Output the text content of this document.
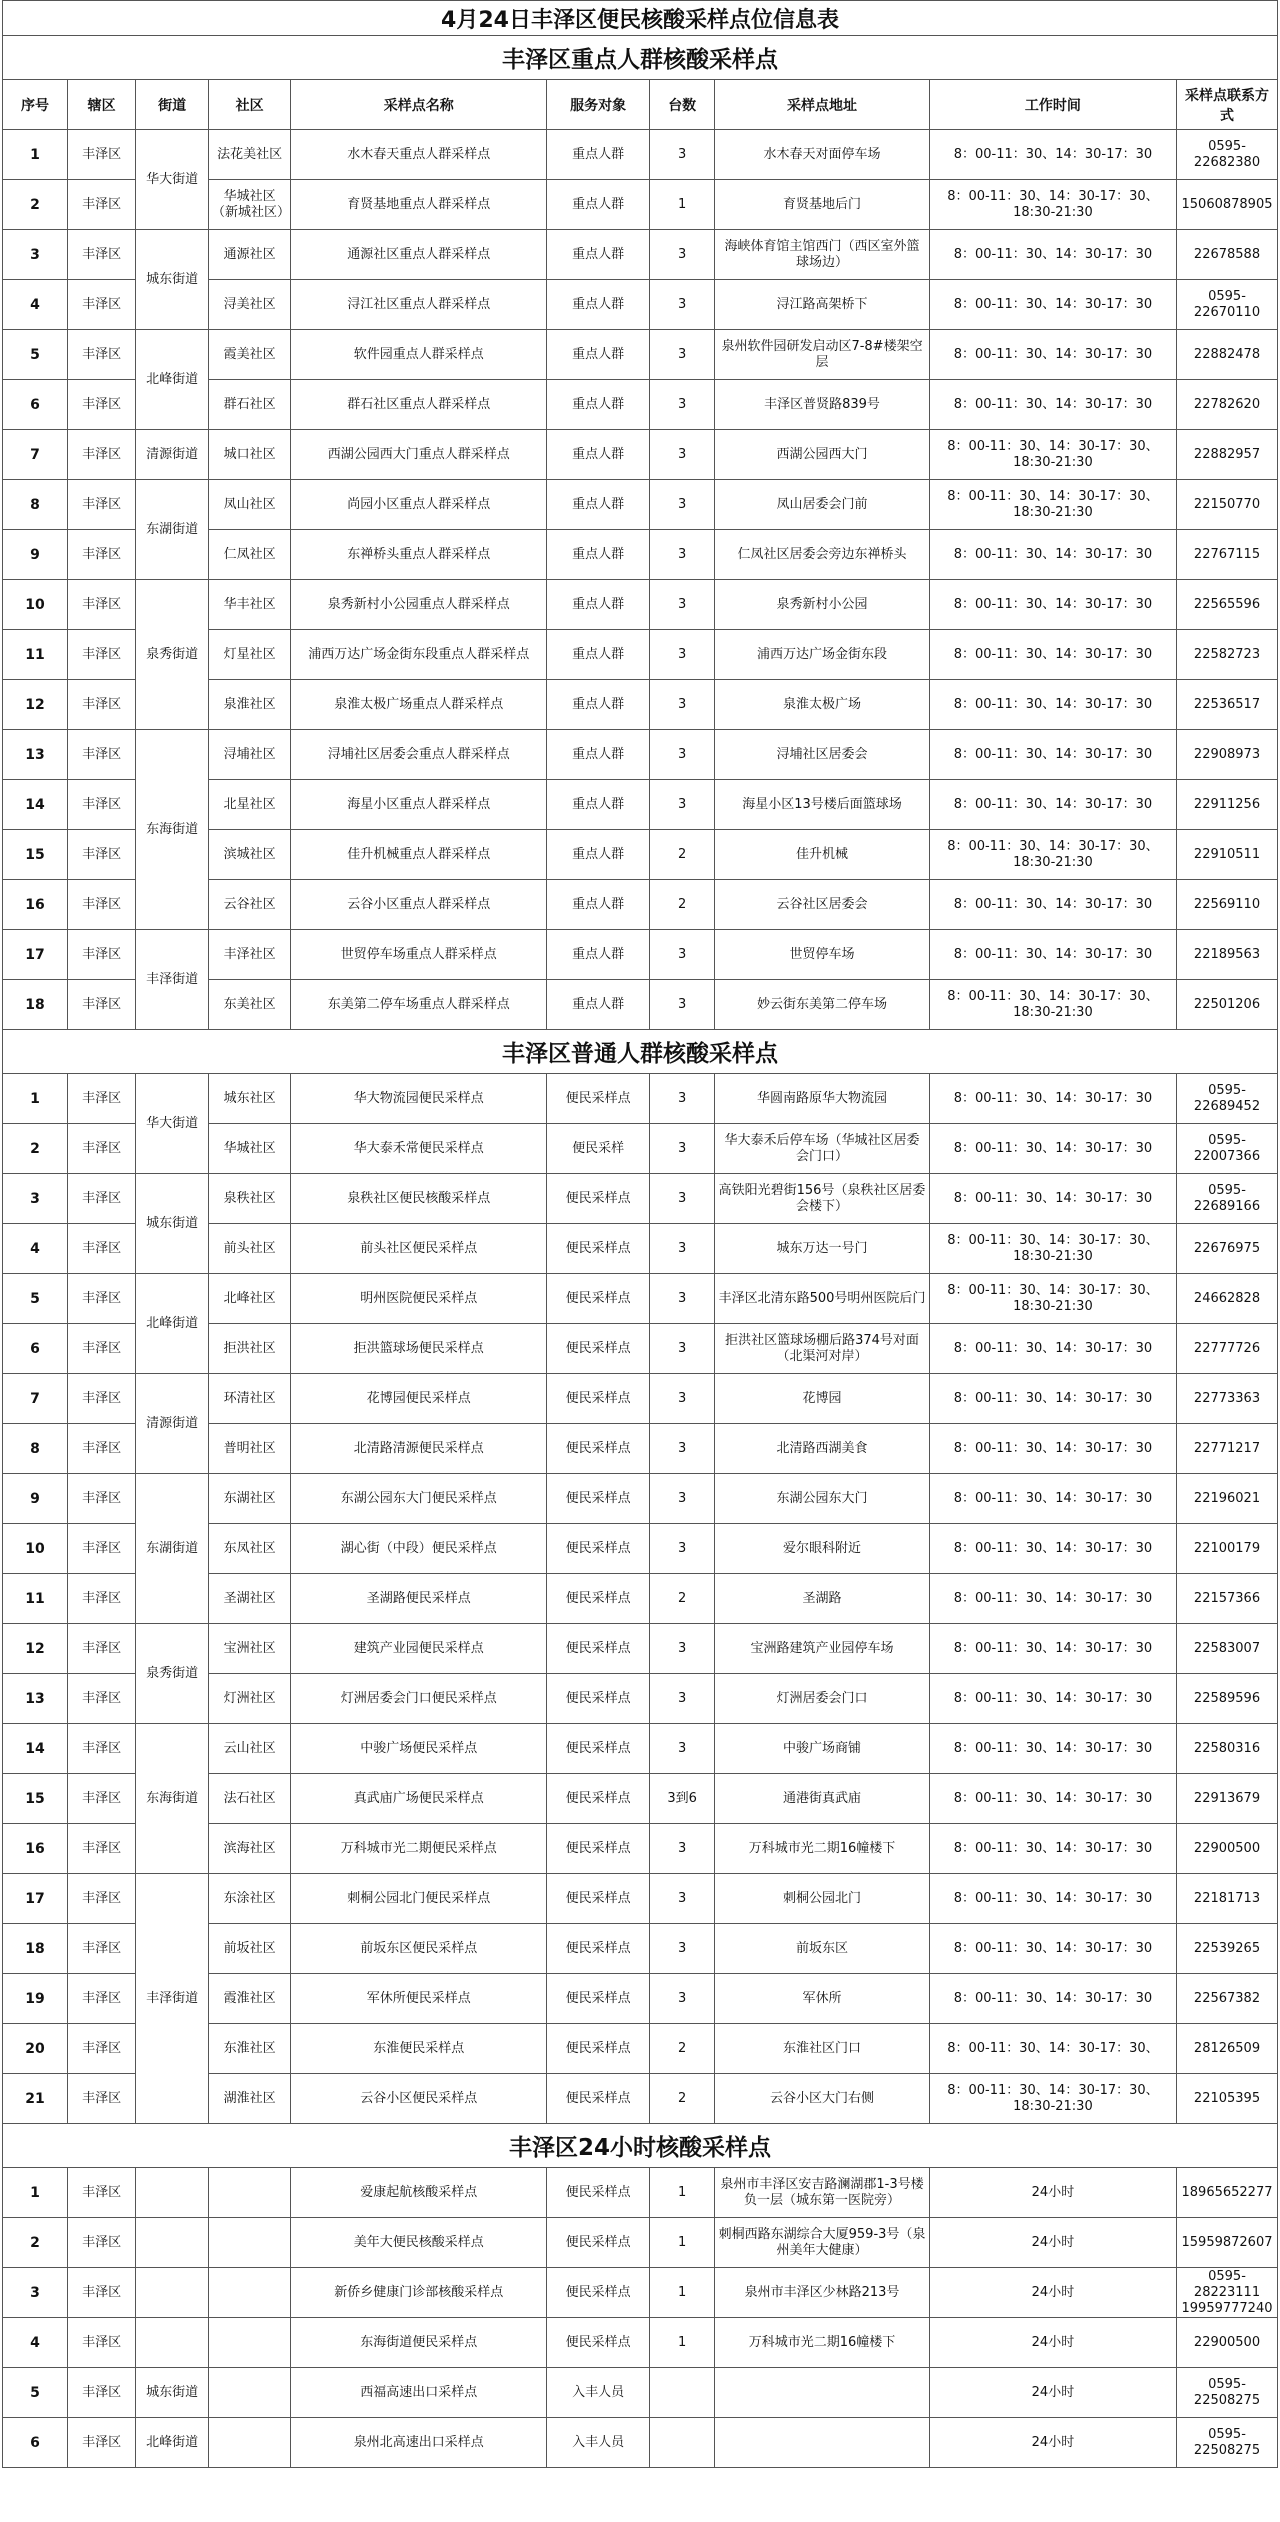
4月24日丰泽区便民核酸采样点位信息表									
丰泽区重点人群核酸采样点									
序号	辖区	街道	社区	采样点名称	服务对象	台数	采样点地址	工作时间	采样点联系方式
1	丰泽区	华大街道	法花美社区	水木春天重点人群采样点	重点人群	3	水木春天对面停车场	8：00-11：30、14：30-17：30	0595-22682380
2	丰泽区		华城社区（新城社区）	育贤基地重点人群采样点	重点人群	1	育贤基地后门	8：00-11：30、14：30-17：30、18:30-21:30	15060878905
3	丰泽区	城东街道	通源社区	通源社区重点人群采样点	重点人群	3	海峡体育馆主馆西门（西区室外篮球场边）	8：00-11：30、14：30-17：30	22678588
4	丰泽区		浔美社区	浔江社区重点人群采样点	重点人群	3	浔江路高架桥下	8：00-11：30、14：30-17：30	0595-22670110
5	丰泽区	北峰街道	霞美社区	软件园重点人群采样点	重点人群	3	泉州软件园研发启动区7-8#楼架空层	8：00-11：30、14：30-17：30	22882478
6	丰泽区		群石社区	群石社区重点人群采样点	重点人群	3	丰泽区普贤路839号	8：00-11：30、14：30-17：30	22782620
7	丰泽区	清源街道	城口社区	西湖公园西大门重点人群采样点	重点人群	3	西湖公园西大门	8：00-11：30、14：30-17：30、18:30-21:30	22882957
8	丰泽区	东湖街道	凤山社区	尚园小区重点人群采样点	重点人群	3	凤山居委会门前	8：00-11：30、14：30-17：30、18:30-21:30	22150770
9	丰泽区		仁凤社区	东禅桥头重点人群采样点	重点人群	3	仁凤社区居委会旁边东禅桥头	8：00-11：30、14：30-17：30	22767115
10	丰泽区	泉秀街道	华丰社区	泉秀新村小公园重点人群采样点	重点人群	3	泉秀新村小公园	8：00-11：30、14：30-17：30	22565596
11	丰泽区		灯星社区	浦西万达广场金街东段重点人群采样点	重点人群	3	浦西万达广场金街东段	8：00-11：30、14：30-17：30	22582723
12	丰泽区		泉淮社区	泉淮太极广场重点人群采样点	重点人群	3	泉淮太极广场	8：00-11：30、14：30-17：30	22536517
13	丰泽区	东海街道	浔埔社区	浔埔社区居委会重点人群采样点	重点人群	3	浔埔社区居委会	8：00-11：30、14：30-17：30	22908973
14	丰泽区		北星社区	海星小区重点人群采样点	重点人群	3	海星小区13号楼后面篮球场	8：00-11：30、14：30-17：30	22911256
15	丰泽区		滨城社区	佳升机械重点人群采样点	重点人群	2	佳升机械	8：00-11：30、14：30-17：30、18:30-21:30	22910511
16	丰泽区		云谷社区	云谷小区重点人群采样点	重点人群	2	云谷社区居委会	8：00-11：30、14：30-17：30	22569110
17	丰泽区	丰泽街道	丰泽社区	世贸停车场重点人群采样点	重点人群	3	世贸停车场	8：00-11：30、14：30-17：30	22189563
18	丰泽区		东美社区	东美第二停车场重点人群采样点	重点人群	3	妙云街东美第二停车场	8：00-11：30、14：30-17：30、18:30-21:30	22501206
丰泽区普通人群核酸采样点									
1	丰泽区	华大街道	城东社区	华大物流园便民采样点	便民采样点	3	华圆南路原华大物流园	8：00-11：30、14：30-17：30	0595-22689452
2	丰泽区		华城社区	华大泰禾常便民采样点	便民采样	3	华大泰禾后停车场（华城社区居委会门口）	8：00-11：30、14：30-17：30	0595-22007366
3	丰泽区	城东街道	泉秩社区	泉秩社区便民核酸采样点	便民采样点	3	高铁阳光碧街156号（泉秩社区居委会楼下）	8：00-11：30、14：30-17：30	0595-22689166
4	丰泽区		前头社区	前头社区便民采样点	便民采样点	3	城东万达一号门	8：00-11：30、14：30-17：30、18:30-21:30	22676975
5	丰泽区	北峰街道	北峰社区	明州医院便民采样点	便民采样点	3	丰泽区北清东路500号明州医院后门	8：00-11：30、14：30-17：30、18:30-21:30	24662828
6	丰泽区		拒洪社区	拒洪篮球场便民采样点	便民采样点	3	拒洪社区篮球场棚后路374号对面（北渠河对岸）	8：00-11：30、14：30-17：30	22777726
7	丰泽区	清源街道	环清社区	花博园便民采样点	便民采样点	3	花博园	8：00-11：30、14：30-17：30	22773363
8	丰泽区		普明社区	北清路清源便民采样点	便民采样点	3	北清路西湖美食	8：00-11：30、14：30-17：30	22771217
9	丰泽区	东湖街道	东湖社区	东湖公园东大门便民采样点	便民采样点	3	东湖公园东大门	8：00-11：30、14：30-17：30	22196021
10	丰泽区		东凤社区	湖心街（中段）便民采样点	便民采样点	3	爱尔眼科附近	8：00-11：30、14：30-17：30	22100179
11	丰泽区		圣湖社区	圣湖路便民采样点	便民采样点	2	圣湖路	8：00-11：30、14：30-17：30	22157366
12	丰泽区	泉秀街道	宝洲社区	建筑产业园便民采样点	便民采样点	3	宝洲路建筑产业园停车场	8：00-11：30、14：30-17：30	22583007
13	丰泽区		灯洲社区	灯洲居委会门口便民采样点	便民采样点	3	灯洲居委会门口	8：00-11：30、14：30-17：30	22589596
14	丰泽区	东海街道	云山社区	中骏广场便民采样点	便民采样点	3	中骏广场商铺	8：00-11：30、14：30-17：30	22580316
15	丰泽区		法石社区	真武庙广场便民采样点	便民采样点	3到6	通港街真武庙	8：00-11：30、14：30-17：30	22913679
16	丰泽区		滨海社区	万科城市光二期便民采样点	便民采样点	3	万科城市光二期16幢楼下	8：00-11：30、14：30-17：30	22900500
17	丰泽区	丰泽街道	东涂社区	刺桐公园北门便民采样点	便民采样点	3	刺桐公园北门	8：00-11：30、14：30-17：30	22181713
18	丰泽区		前坂社区	前坂东区便民采样点	便民采样点	3	前坂东区	8：00-11：30、14：30-17：30	22539265
19	丰泽区		霞淮社区	军休所便民采样点	便民采样点	3	军休所	8：00-11：30、14：30-17：30	22567382
20	丰泽区		东淮社区	东淮便民采样点	便民采样点	2	东淮社区门口	8：00-11：30、14：30-17：30、	28126509
21	丰泽区		湖淮社区	云谷小区便民采样点	便民采样点	2	云谷小区大门右侧	8：00-11：30、14：30-17：30、18:30-21:30	22105395
丰泽区24小时核酸采样点									
1	丰泽区			爱康起航核酸采样点	便民采样点	1	泉州市丰泽区安吉路澜湖郡1-3号楼负一层（城东第一医院旁）	24小时	18965652277
2	丰泽区			美年大便民核酸采样点	便民采样点	1	刺桐西路东湖综合大厦959-3号（泉州美年大健康）	24小时	15959872607
3	丰泽区			新侨乡健康门诊部核酸采样点	便民采样点	1	泉州市丰泽区少林路213号	24小时	0595-28223111 19959777240
4	丰泽区			东海街道便民采样点	便民采样点	1	万科城市光二期16幢楼下	24小时	22900500
5	丰泽区	城东街道		西福高速出口采样点	入丰人员			24小时	0595-22508275
6	丰泽区	北峰街道		泉州北高速出口采样点	入丰人员			24小时	0595-22508275
